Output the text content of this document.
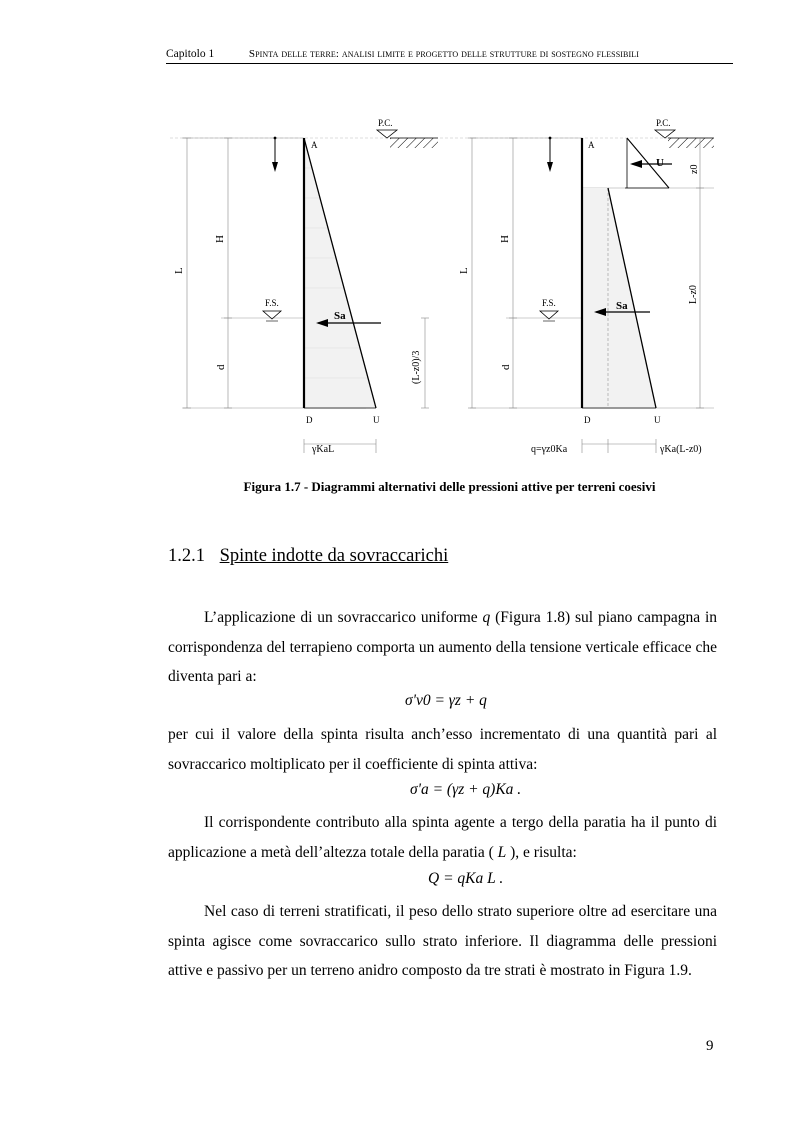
Capitolo 1	Spinta delle terre: analisi limite e progetto delle strutture di sostegno flessibili
L
H
d
F.S.
Sa
A
D	U
P.C.
(L-z0)/3
γKaL
L
H
d
F.S.
U
Sa
A
D	U
P.C.
z0
L-z0
q=γz0Ka	γKa(L-z0)
Figura 1.7 - Diagrammi alternativi delle pressioni attive per terreni coesivi
1.2.1 Spinte indotte da sovraccarichi
L’applicazione di un sovraccarico uniforme q (Figura 1.8) sul piano campagna in corrispondenza del terrapieno comporta un aumento della tensione verticale efficace che diventa pari a:
σ'v0 = γz + q
per cui il valore della spinta risulta anch’esso incrementato di una quantità pari al sovraccarico moltiplicato per il coefficiente di spinta attiva:
σ'a = (γz + q)Ka .
Il corrispondente contributo alla spinta agente a tergo della paratia ha il punto di applicazione a metà dell’altezza totale della paratia ( L ), e risulta:
Q = qKa L .
Nel caso di terreni stratificati, il peso dello strato superiore oltre ad esercitare una spinta agisce come sovraccarico sullo strato inferiore. Il diagramma delle pressioni attive e passivo per un terreno anidro composto da tre strati è mostrato in Figura 1.9.
9
